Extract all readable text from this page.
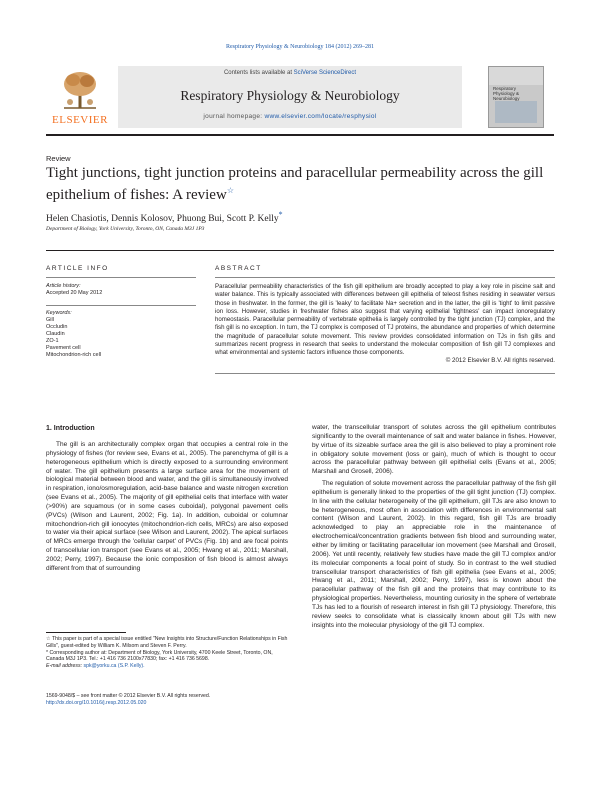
Respiratory Physiology & Neurobiology 184 (2012) 269–281
ELSEVIER
Contents lists available at SciVerse ScienceDirect
Respiratory Physiology & Neurobiology
journal homepage: www.elsevier.com/locate/resphysiol
Respiratory Physiology & Neurobiology
Review
Tight junctions, tight junction proteins and paracellular permeability across the gill epithelium of fishes: A review☆
Helen Chasiotis, Dennis Kolosov, Phuong Bui, Scott P. Kelly*
Department of Biology, York University, Toronto, ON, Canada M3J 1P3
ARTICLE INFO	ABSTRACT
Article history:
Accepted 20 May 2012
Keywords:
Gill
Occludin
Claudin
ZO-1
Pavement cell
Mitochondrion-rich cell
Paracellular permeability characteristics of the fish gill epithelium are broadly accepted to play a key role in piscine salt and water balance. This is typically associated with differences between gill epithelia of teleost fishes residing in seawater versus those in freshwater. In the former, the gill is 'leaky' to facilitate Na+ secretion and in the latter, the gill is 'tight' to limit passive ion loss. However, studies in freshwater fishes also suggest that varying epithelial 'tightness' can impact ionoregulatory homeostasis. Paracellular permeability of vertebrate epithelia is largely controlled by the tight junction (TJ) complex, and the fish gill is no exception. In turn, the TJ complex is composed of TJ proteins, the abundance and properties of which determine the magnitude of paracellular solute movement. This review provides consolidated information on TJs in fish gills and summarizes recent progress in research that seeks to understand the molecular composition of fish gill TJ complexes and what environmental and systemic factors influence those components.
© 2012 Elsevier B.V. All rights reserved.
1. Introduction

The gill is an architecturally complex organ that occupies a central role in the physiology of fishes (for review see, Evans et al., 2005). The parenchyma of gill is a heterogeneous epithelium which is directly exposed to a surrounding environment of water. The gill epithelium presents a large surface area for the movement of biological material between blood and water, and the gill is simultaneously involved in respiration, iono/osmoregulation, acid-base balance and waste nitrogen excretion (see Evans et al., 2005). The majority of gill epithelial cells that interface with water (>90%) are squamous (or in some cases cuboidal), polygonal pavement cells (PVCs) (Wilson and Laurent, 2002; Fig. 1a). In addition, cuboidal or columnar mitochondrion-rich gill ionocytes (mitochondrion-rich cells, MRCs) are also exposed to water via their apical surface (see Wilson and Laurent, 2002). The apical surfaces of MRCs emerge through the 'cellular carpet' of PVCs (Fig. 1b) and are focal points of transcellular ion transport (see Evans et al., 2005; Hwang et al., 2011; Marshall, 2002; Perry, 1997). Because the ionic composition of fish blood is almost always different from that of surrounding

water, the transcellular transport of solutes across the gill epithelium contributes significantly to the overall maintenance of salt and water balance in fishes. However, by virtue of its sizeable surface area the gill is also believed to play a prominent role in obligatory solute movement (loss or gain), much of which is thought to occur across the paracellular pathway between gill epithelial cells (Evans et al., 2005; Marshall and Grosell, 2006).

The regulation of solute movement across the paracellular pathway of the fish gill epithelium is generally linked to the properties of the gill tight junction (TJ) complex. In line with the cellular heterogeneity of the gill epithelium, gill TJs are also known to be heterogeneous, most often in association with differences in environmental salt content (Wilson and Laurent, 2002). In this regard, fish gill TJs are broadly acknowledged to play an appreciable role in the maintenance of electrochemical/concentration gradients between fish blood and surrounding water, either by limiting or facilitating paracellular ion movement (see Marshall and Grosell, 2006). Yet until recently, relatively few studies have made the gill TJ complex and/or its molecular components a focal point of study. So in contrast to the well studied transcellular transport characteristics of fish gill epithelia (see Evans et al., 2005; Hwang et al., 2011; Marshall, 2002; Perry, 1997), less is known about the paracellular pathway of the fish gill and the proteins that may contribute to its physiological properties. Nevertheless, mounting curiosity in the sphere of vertebrate TJs has led to a flourish of research interest in fish gill TJ physiology. Therefore, this review seeks to consolidate what is classically known about gill TJs with new insights into the molecular physiology of the gill TJ complex.

☆ This paper is part of a special issue entitled "New Insights into Structure/Function Relationships in Fish Gills", guest-edited by William K. Milsom and Steven F. Perry.
* Corresponding author at: Department of Biology, York University, 4700 Keele Street, Toronto, ON, Canada M3J 1P3. Tel.: +1 416 736 2100x77830; fax: +1 416 736 5698.
E-mail address: spk@yorku.ca (S.P. Kelly).
1569-9048/$ – see front matter © 2012 Elsevier B.V. All rights reserved.
http://dx.doi.org/10.1016/j.resp.2012.05.020
